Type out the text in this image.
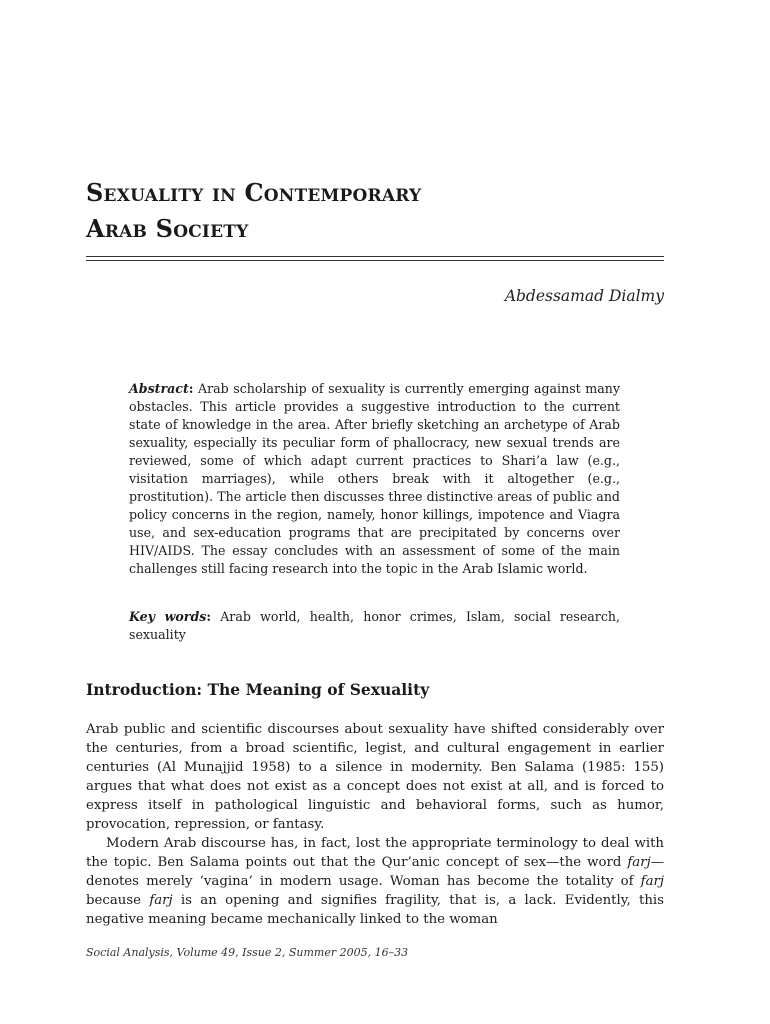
Sexuality in Contemporary
Arab Society
Abdessamad Dialmy

Abstract: Arab scholarship of sexuality is currently emerging against many obstacles. This article provides a suggestive introduction to the current state of knowledge in the area. After briefly sketching an archetype of Arab sexuality, especially its peculiar form of phallocracy, new sexual trends are reviewed, some of which adapt current practices to Shari’a law (e.g., visitation marriages), while others break with it altogether (e.g., prostitution). The article then discusses three distinctive areas of public and policy concerns in the region, namely, honor killings, impotence and Viagra use, and sex-education programs that are precipitated by concerns over HIV/AIDS. The essay concludes with an assessment of some of the main challenges still facing research into the topic in the Arab Islamic world.

Key words: Arab world, health, honor crimes, Islam, social research, sexuality

Introduction: The Meaning of Sexuality

Arab public and scientific discourses about sexuality have shifted considerably over the centuries, from a broad scientific, legist, and cultural engagement in earlier centuries (Al Munajjid 1958) to a silence in modernity. Ben Salama (1985: 155) argues that what does not exist as a concept does not exist at all, and is forced to express itself in pathological linguistic and behavioral forms, such as humor, provocation, repression, or fantasy.

Modern Arab discourse has, in fact, lost the appropriate terminology to deal with the topic. Ben Salama points out that the Qur’anic concept of sex—the word farj—denotes merely ‘vagina’ in modern usage. Woman has become the totality of farj because farj is an opening and signifies fragility, that is, a lack. Evidently, this negative meaning became mechanically linked to the woman

Social Analysis, Volume 49, Issue 2, Summer 2005, 16–33
